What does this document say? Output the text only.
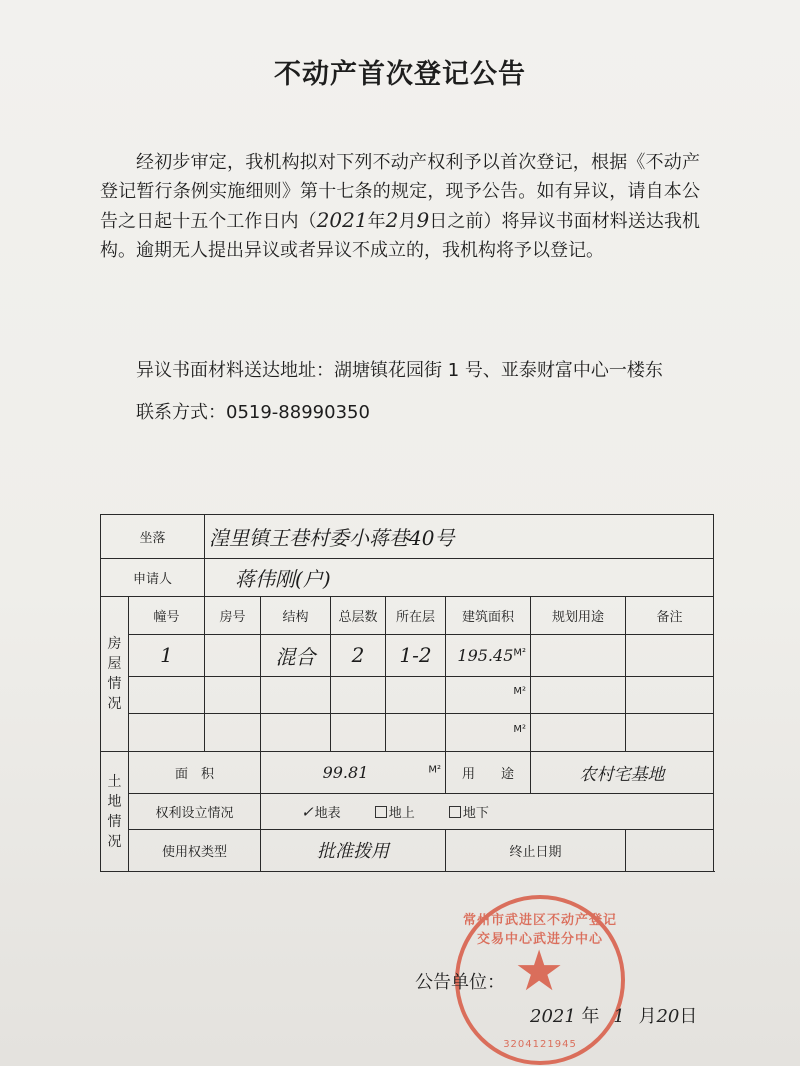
不动产首次登记公告

经初步审定，我机构拟对下列不动产权利予以首次登记，根据《不动产登记暂行条例实施细则》第十七条的规定，现予公告。如有异议，请自本公告之日起十五个工作日内（2021年2月9日之前）将异议书面材料送达我机构。逾期无人提出异议或者异议不成立的，我机构将予以登记。

异议书面材料送达地址：湖塘镇花园街 1 号、亚泰财富中心一楼东
联系方式：0519-88990350
坐落		湟里镇王巷村委小蒋巷40号						
申请人		蒋伟刚(户)						
房屋情况	幢号	房号	结构	总层数	所在层	建筑面积	规划用途	备注
	1		混合	2	1-2	$195.45^{M^2}$		
						$^{M^2}$		
						$^{M^2}$		
土地情况	面　积		99.81 $^{M^2}$			用　　途	农村宅基地	
	权利设立情况		✓地表 地上 地下					
	使用权类型		批准拨用			终止日期		
常州市武进区不动产登记交易中心武进分中心
★
3204121945
公告单位：
2021 年 1 月20日
